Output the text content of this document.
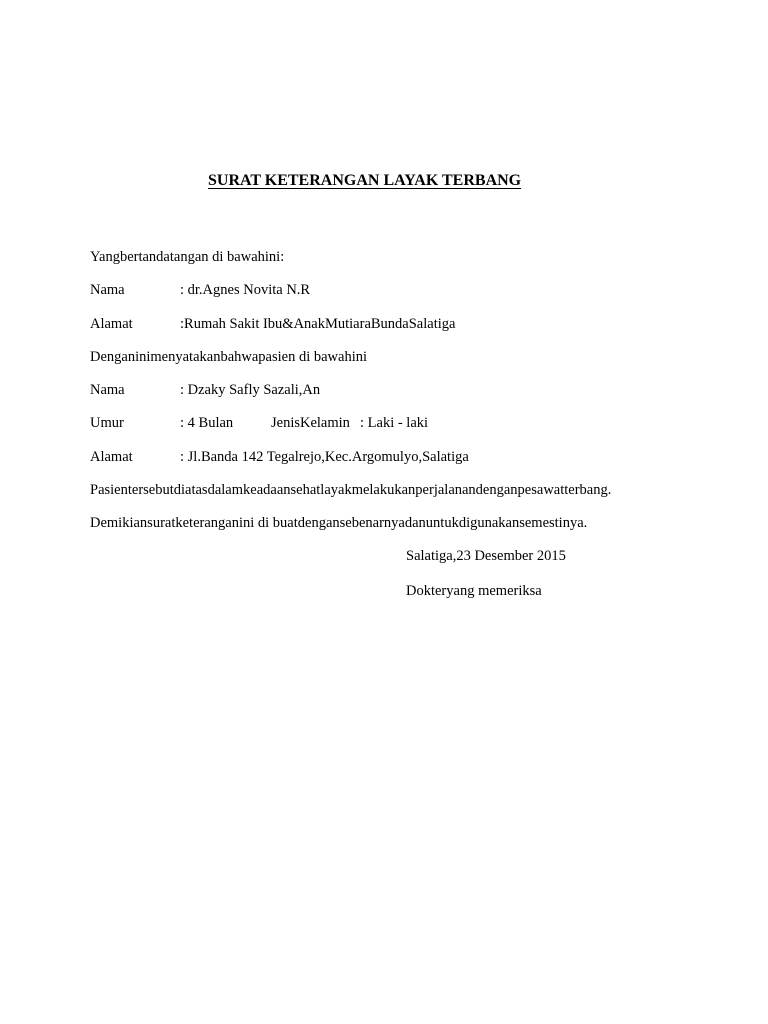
SURAT KETERANGAN LAYAK TERBANG
Yangbertandatangan di bawahini:
Nama	: dr.Agnes Novita N.R
Alamat	:Rumah Sakit Ibu&AnakMutiaraBundaSalatiga
Denganinimenyatakanbahwapasien di bawahini
Nama	: Dzaky Safly Sazali,An
Umur	: 4 Bulan	JenisKelamin : Laki - laki
Alamat	: Jl.Banda 142 Tegalrejo,Kec.Argomulyo,Salatiga
Pasientersebutdiatasdalamkeadaansehatlayakmelakukanperjalanandenganpesawatterbang.
Demikiansuratketeranganini di buatdengansebenarnyadanuntukdigunakansemestinya.
Salatiga,23 Desember 2015
Dokteryang memeriksa
